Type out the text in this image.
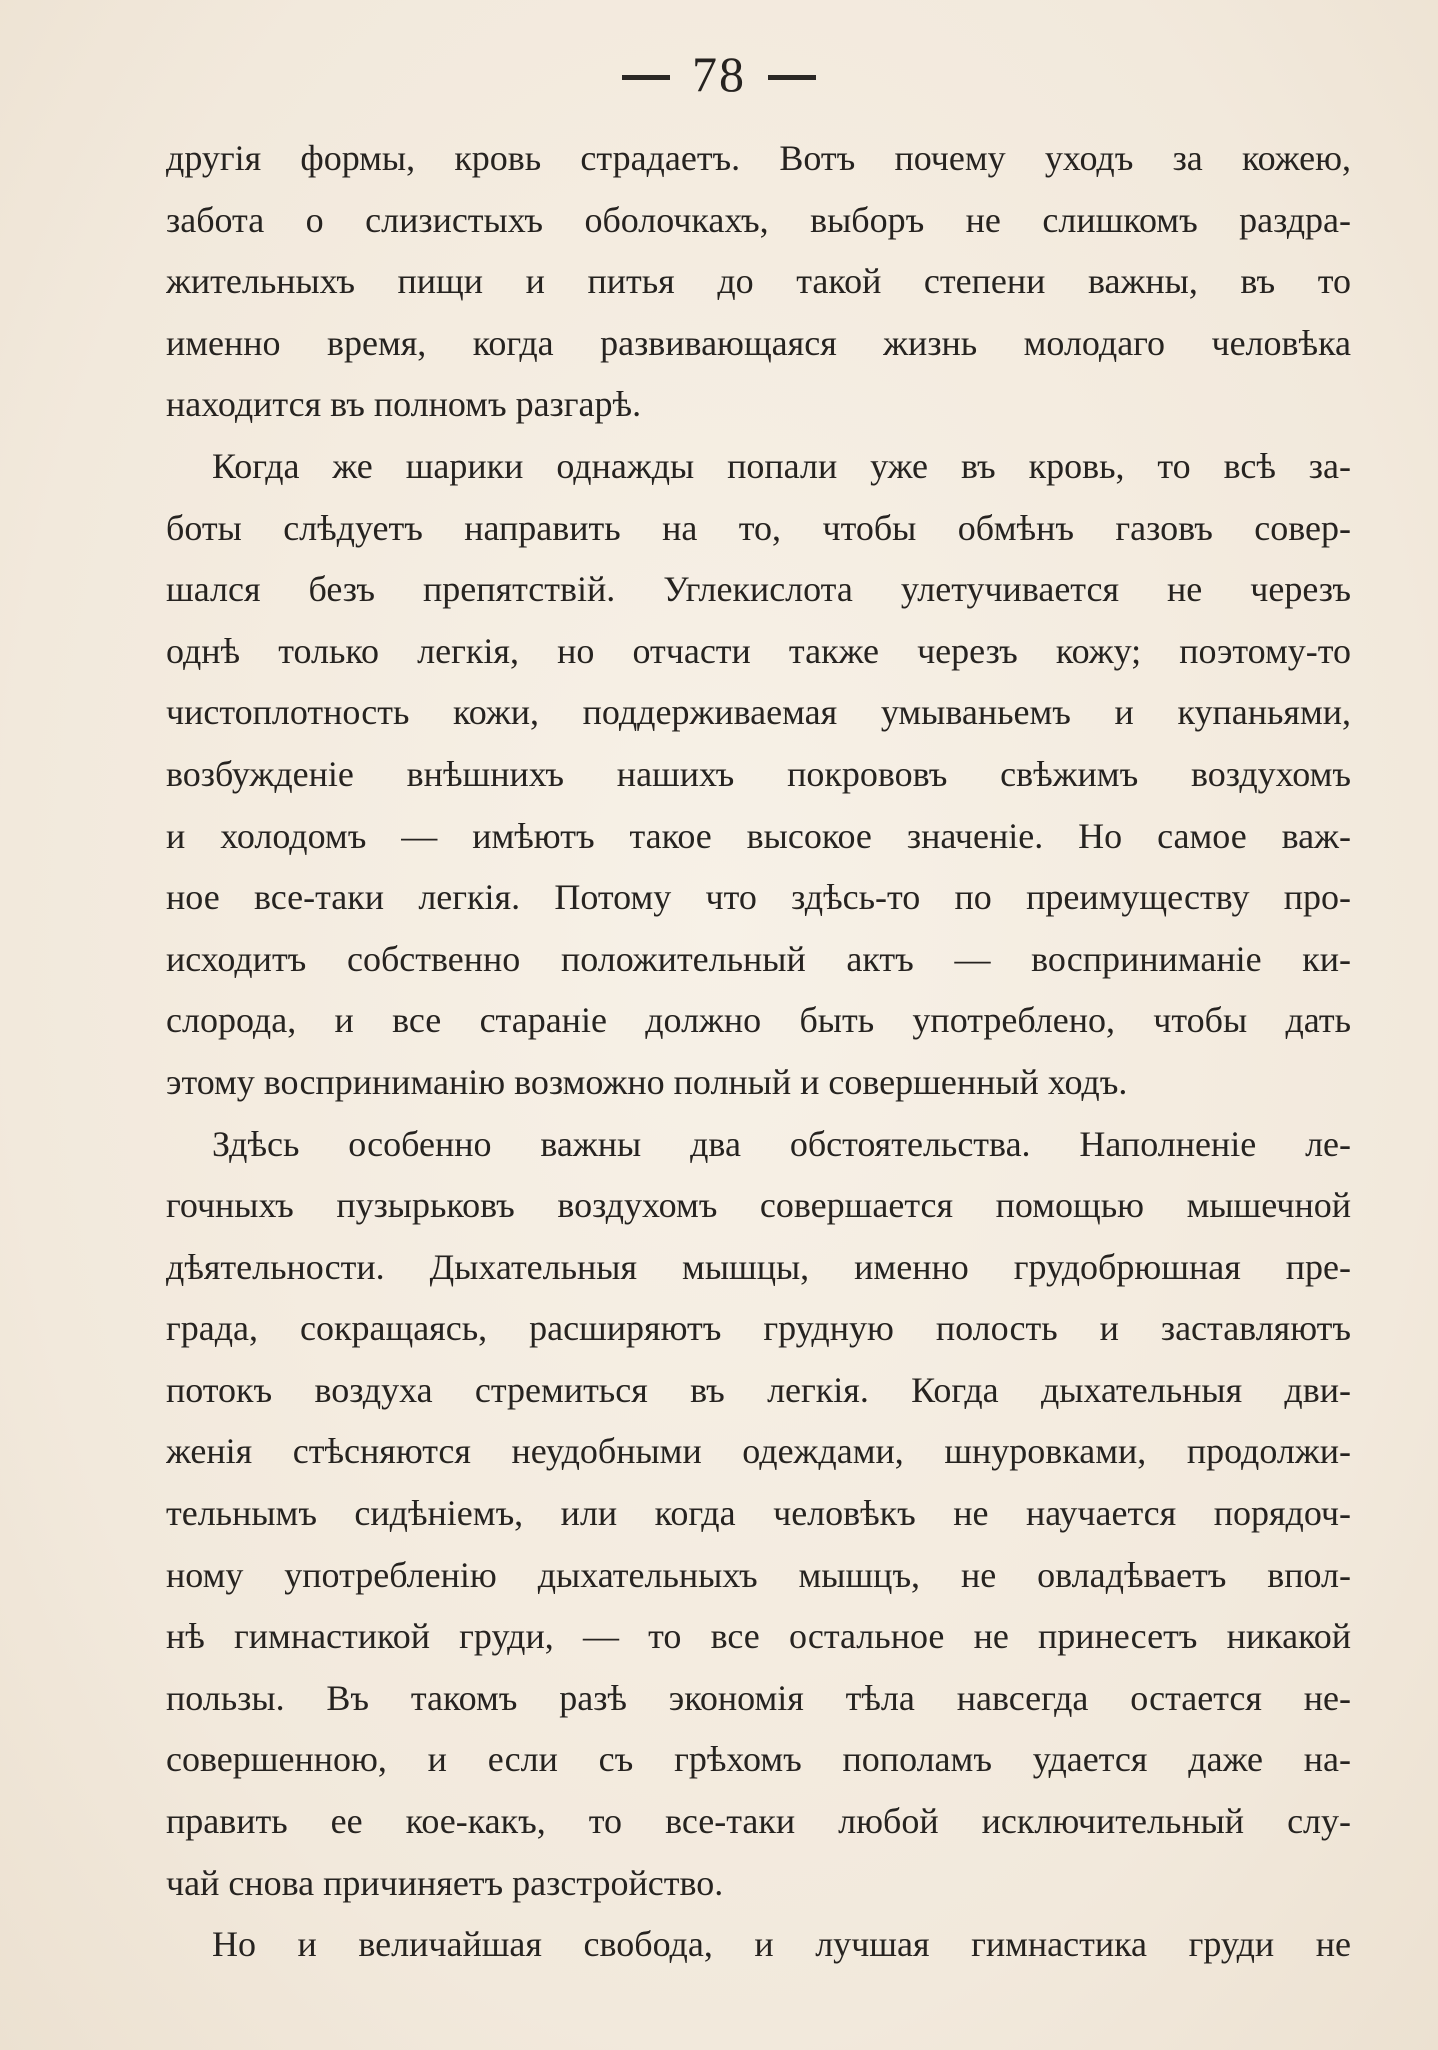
78
другія формы, кровь страдаетъ. Вотъ почему уходъ за кожею,
забота о слизистыхъ оболочкахъ, выборъ не слишкомъ раздра-
жительныхъ пищи и питья до такой степени важны, въ то
именно время, когда развивающаяся жизнь молодаго человѣка
находится въ полномъ разгарѣ.
Когда же шарики однажды попали уже въ кровь, то всѣ за-
боты слѣдуетъ направить на то, чтобы обмѣнъ газовъ совер-
шался безъ препятствій. Углекислота улетучивается не черезъ
однѣ только легкія, но отчасти также черезъ кожу; поэтому-то
чистоплотность кожи, поддерживаемая умываньемъ и купаньями,
возбужденіе внѣшнихъ нашихъ покрововъ свѣжимъ воздухомъ
и холодомъ — имѣютъ такое высокое значеніе. Но самое важ-
ное все-таки легкія. Потому что здѣсь-то по преимуществу про-
исходитъ собственно положительный актъ — восприниманіе ки-
слорода, и все стараніе должно быть употреблено, чтобы дать
этому восприниманію возможно полный и совершенный ходъ.
Здѣсь особенно важны два обстоятельства. Наполненіе ле-
гочныхъ пузырьковъ воздухомъ совершается помощью мышечной
дѣятельности. Дыхательныя мышцы, именно грудобрюшная пре-
града, сокращаясь, расширяютъ грудную полость и заставляютъ
потокъ воздуха стремиться въ легкія. Когда дыхательныя дви-
женія стѣсняются неудобными одеждами, шнуровками, продолжи-
тельнымъ сидѣніемъ, или когда человѣкъ не научается порядоч-
ному употребленію дыхательныхъ мышцъ, не овладѣваетъ впол-
нѣ гимнастикой груди, — то все остальное не принесетъ никакой
пользы. Въ такомъ разѣ экономія тѣла навсегда остается не-
совершенною, и если съ грѣхомъ пополамъ удается даже на-
править ее кое-какъ, то все-таки любой исключительный слу-
чай снова причиняетъ разстройство.
Но и величайшая свобода, и лучшая гимнастика груди не
